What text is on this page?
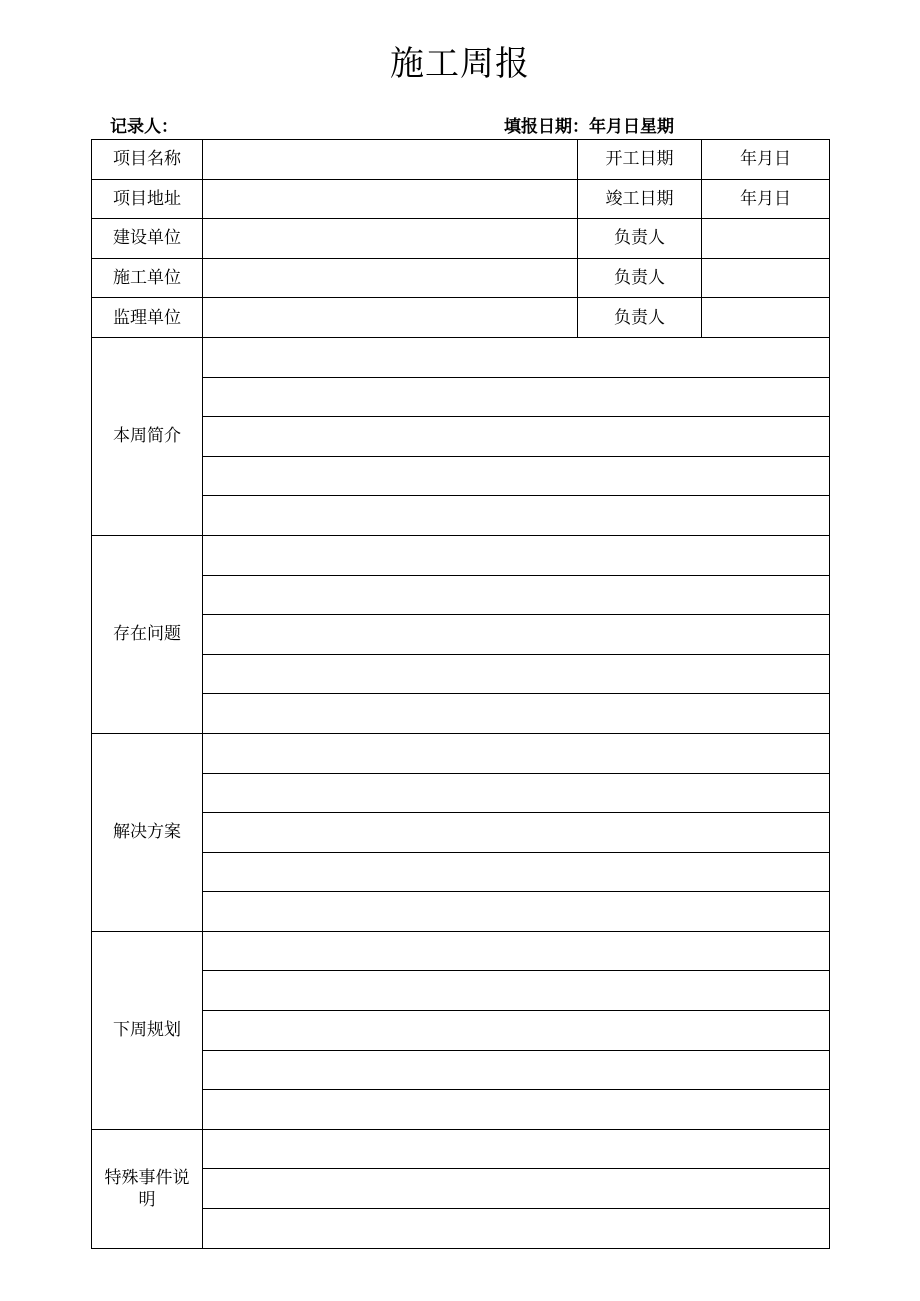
施工周报
记录人：	填报日期：年月日星期
项目名称		开工日期	年月日
项目地址		竣工日期	年月日
建设单位		负责人	
施工单位		负责人	
监理单位		负责人	
本周简介			

存在问题			

解决方案			

下周规划			

特殊事件说明			
